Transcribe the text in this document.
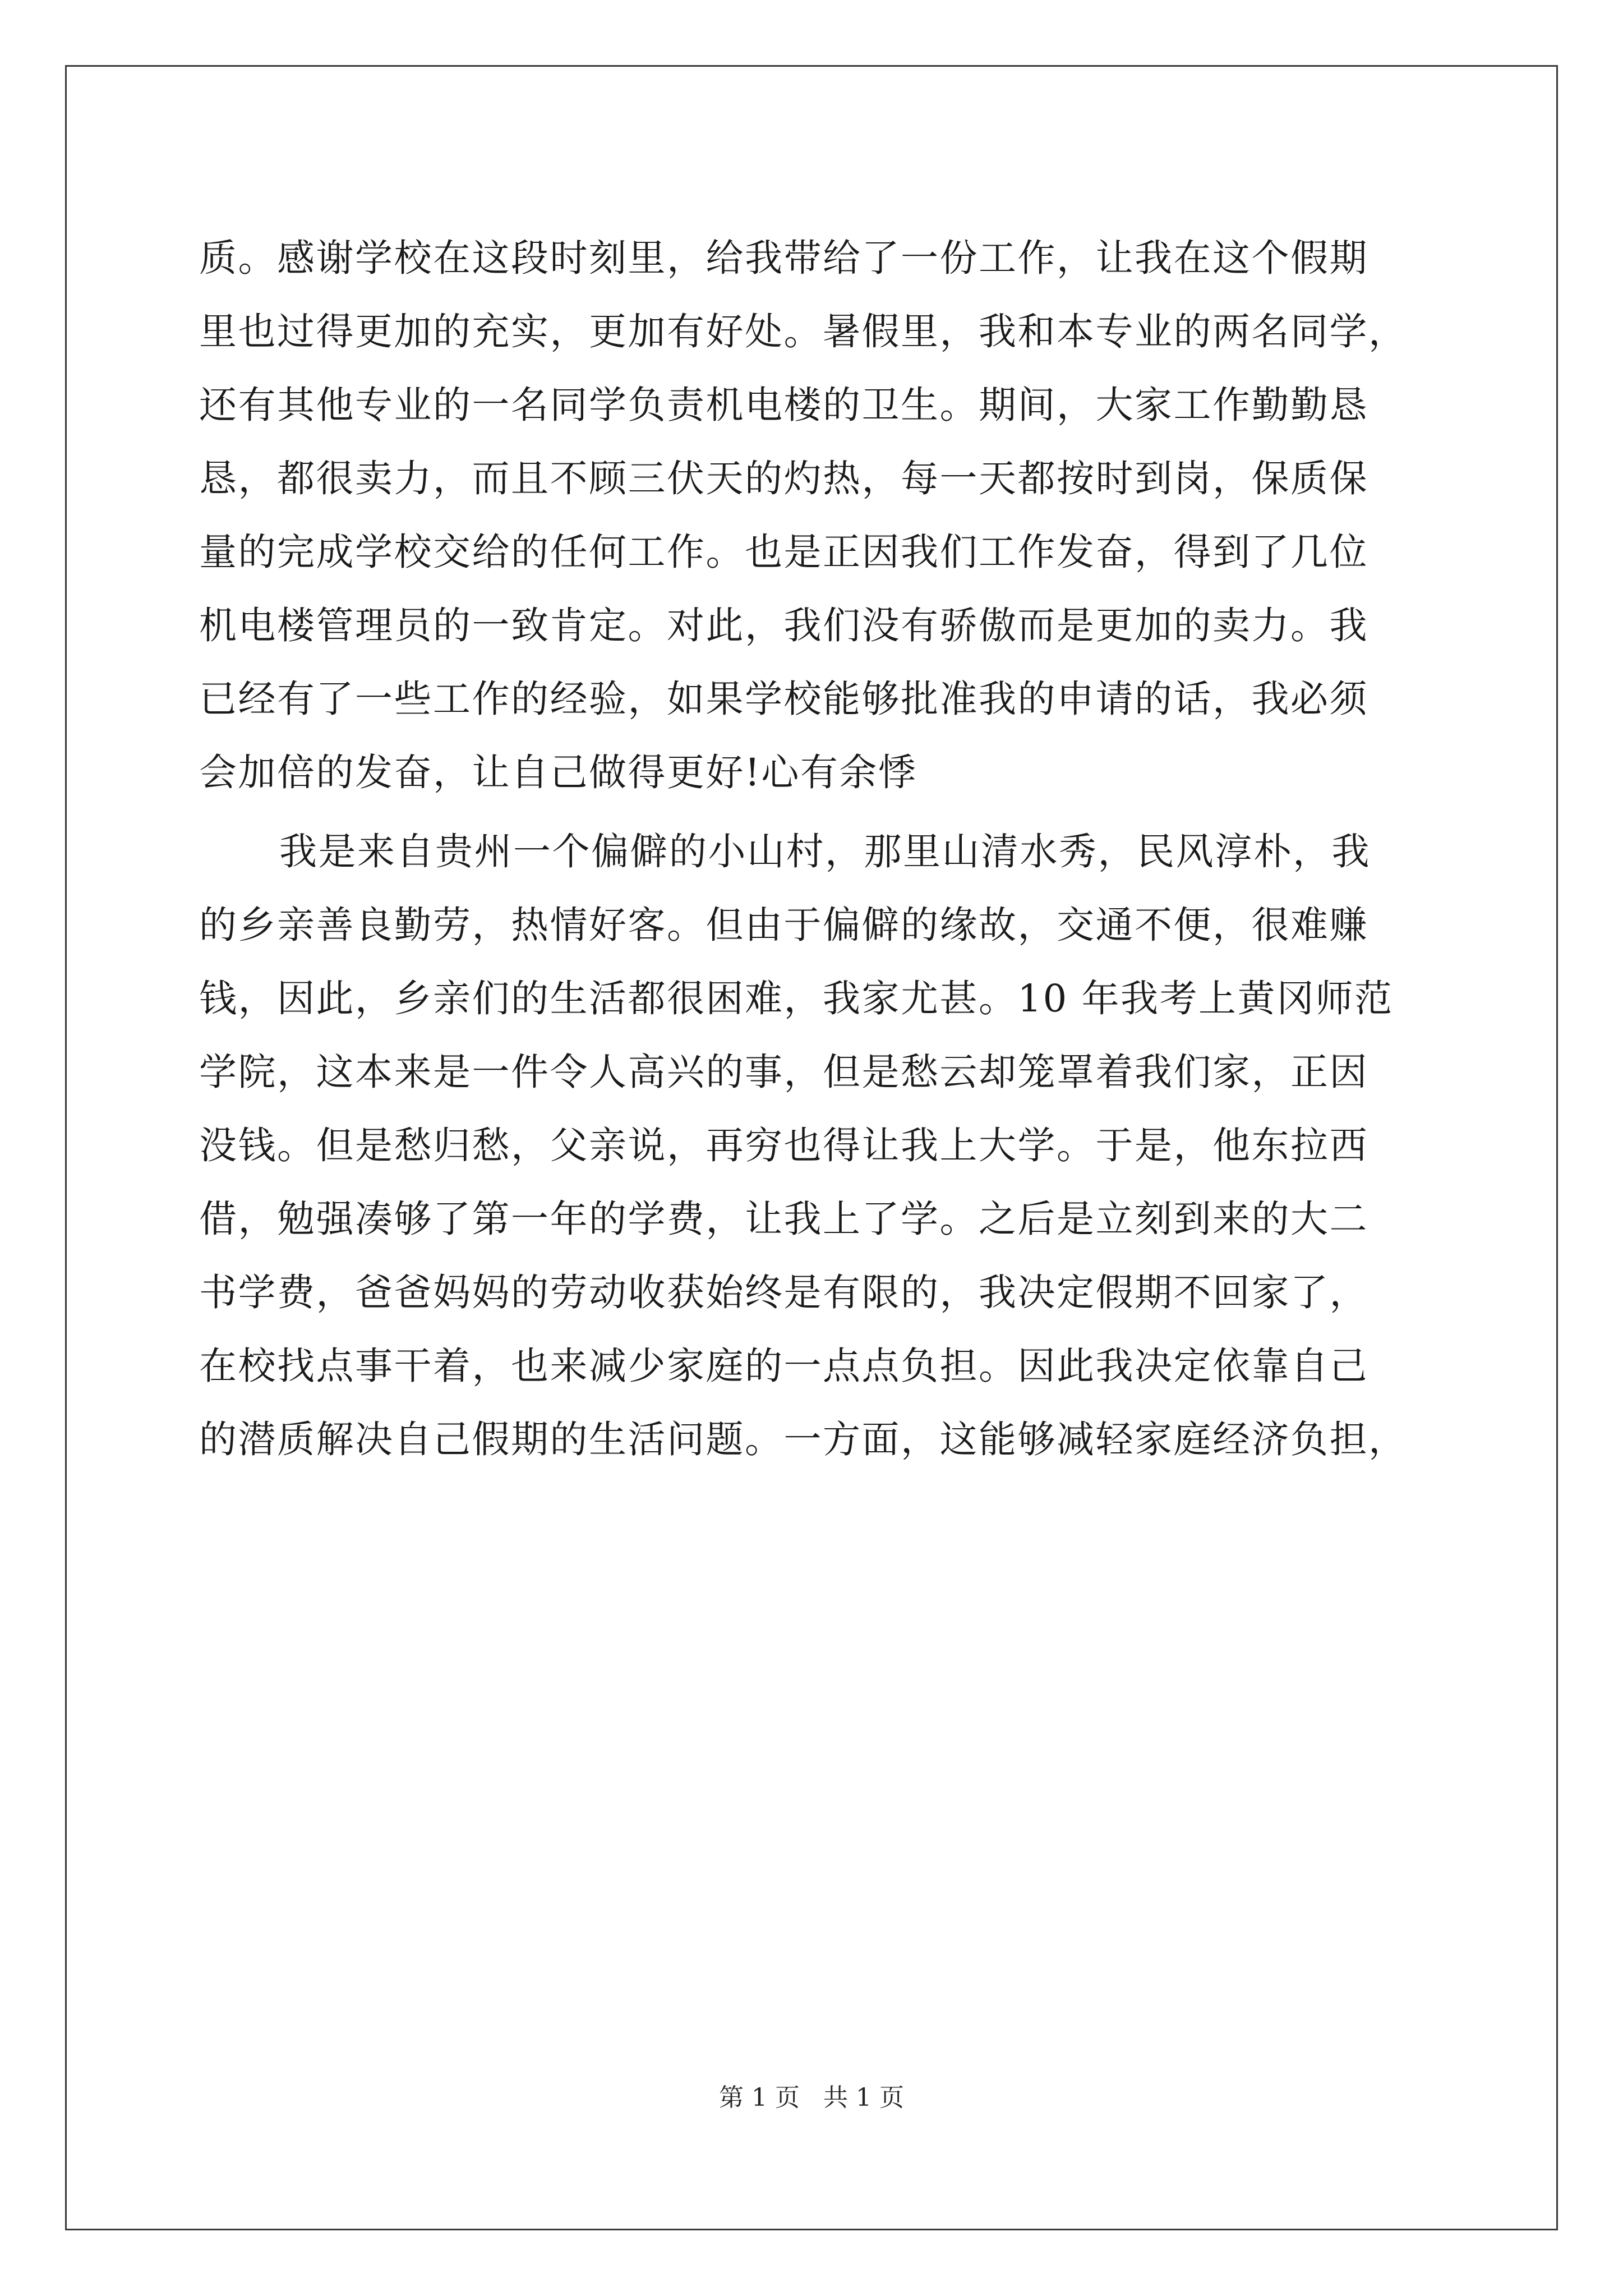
质。感谢学校在这段时刻里，给我带给了一份工作，让我在这个假期
里也过得更加的充实，更加有好处。暑假里，我和本专业的两名同学，
还有其他专业的一名同学负责机电楼的卫生。期间，大家工作勤勤恳
恳，都很卖力，而且不顾三伏天的灼热，每一天都按时到岗，保质保
量的完成学校交给的任何工作。也是正因我们工作发奋，得到了几位
机电楼管理员的一致肯定。对此，我们没有骄傲而是更加的卖力。我
已经有了一些工作的经验，如果学校能够批准我的申请的话，我必须
会加倍的发奋，让自己做得更好!心有余悸
我是来自贵州一个偏僻的小山村，那里山清水秀，民风淳朴，我
的乡亲善良勤劳，热情好客。但由于偏僻的缘故，交通不便，很难赚
钱，因此，乡亲们的生活都很困难，我家尤甚。10 年我考上黄冈师范
学院，这本来是一件令人高兴的事，但是愁云却笼罩着我们家，正因
没钱。但是愁归愁，父亲说，再穷也得让我上大学。于是，他东拉西
借，勉强凑够了第一年的学费，让我上了学。之后是立刻到来的大二
书学费，爸爸妈妈的劳动收获始终是有限的，我决定假期不回家了，
在校找点事干着，也来减少家庭的一点点负担。因此我决定依靠自己
的潜质解决自己假期的生活问题。一方面，这能够减轻家庭经济负担，
第 1 页 共 1 页
